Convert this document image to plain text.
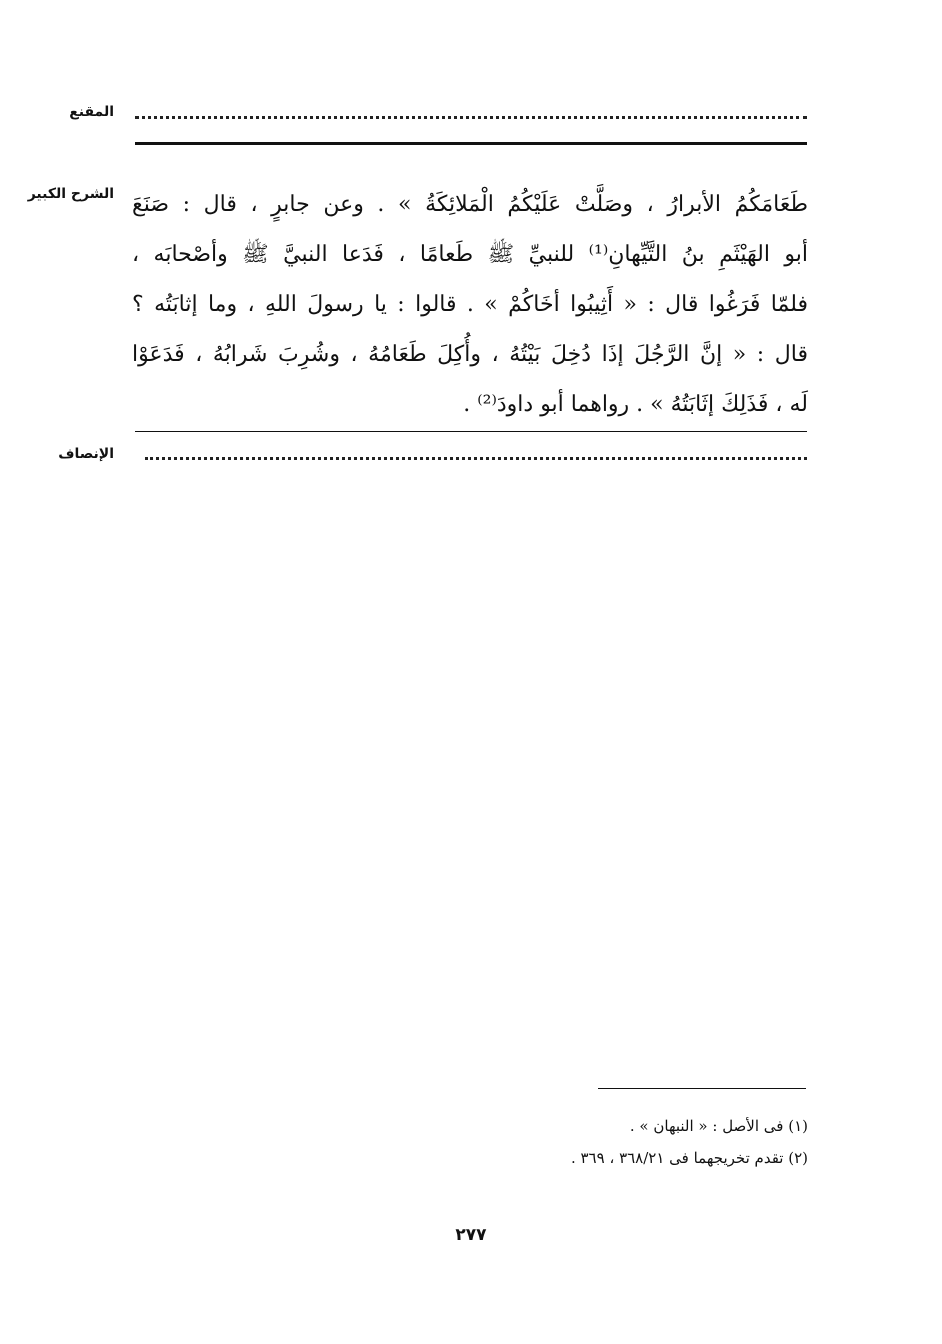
المقنع
الشرح الكبير طَعَامَكُمُ الأبرارُ ، وصَلَّتْ عَلَيْكُمُ الْمَلائِكَةُ » . وعن جابرٍ ، قال : صَنَعَ
أبو الهَيْثَمِ بنُ التَّيِّهانِ⁽¹⁾ للنبيِّ ﷺ طَعامًا ، فَدَعا النبيَّ ﷺ وأصْحابَه ،
فلمّا فَرَغُوا قال : « أَثِيبُوا أخَاكُمْ » . قالوا : يا رسولَ اللهِ ، وما إثابَتُه ؟
قال : « إنَّ الرَّجُلَ إذَا دُخِلَ بَيْتُهُ ، وأُكِلَ طَعَامُهُ ، وشُرِبَ شَرابُهُ ، فَدَعَوْا
لَه ، فَذَلِكَ إثَابَتُهُ » . رواهما أبو داودَ⁽²⁾ .
الإنصاف
(١) فى الأصل : « النبهان » .
(٢) تقدم تخريجهما فى ٣٦٨/٢١ ، ٣٦٩ .
٢٧٧
